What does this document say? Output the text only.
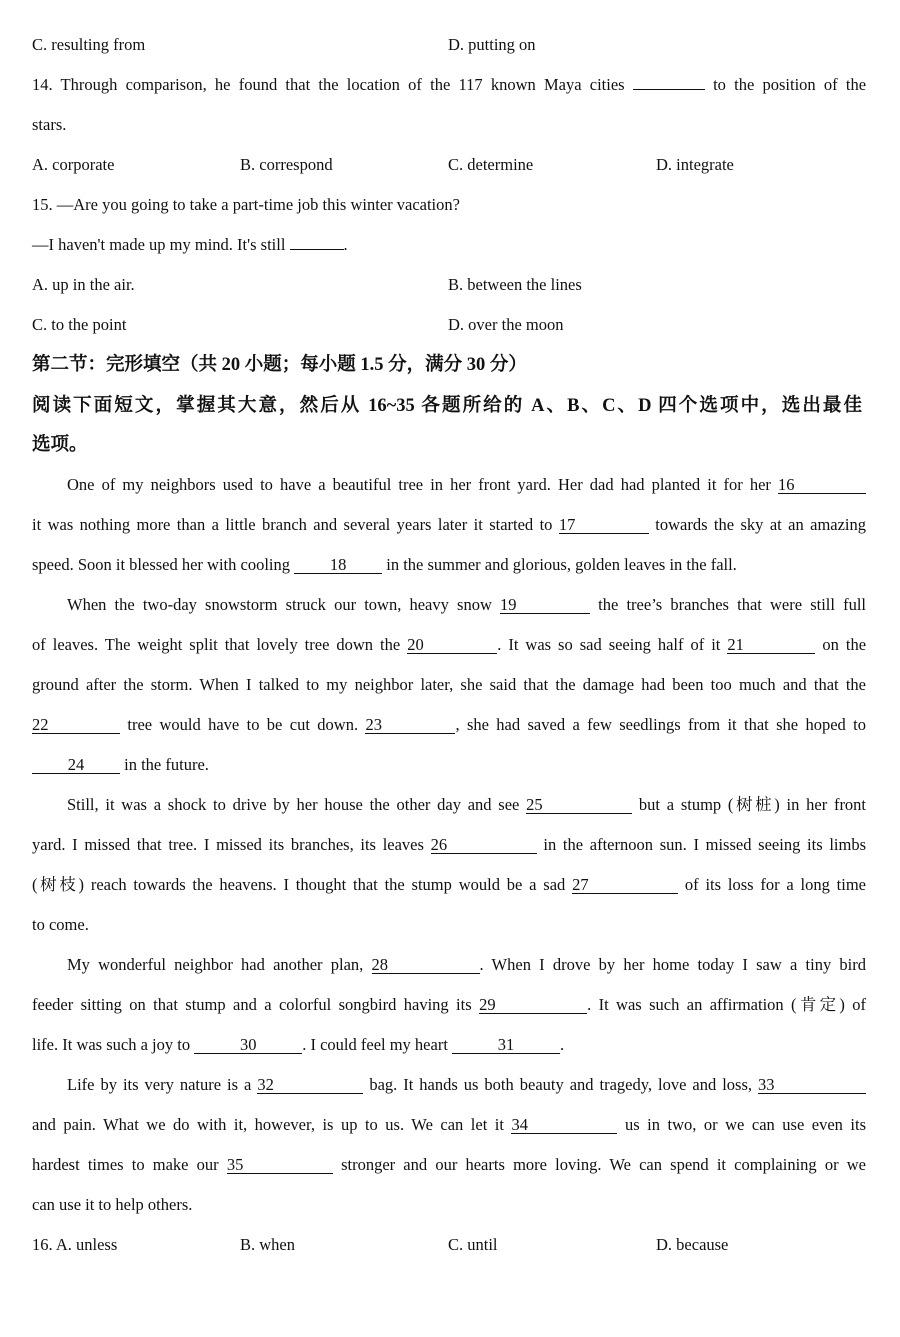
C. resulting from	D. putting on
14. Through comparison, he found that the location of the 117 known Maya cities	to the position of the
stars.
A. corporate	B. correspond	C. determine	D. integrate
15. —Are you going to take a part-time job this winter vacation?
—I haven't made up my mind. It's still	.
A. up in the air.	B. between the lines
C. to the point	D. over the moon
第二节：完形填空（共 20 小题；每小题 1.5 分，满分 30 分）
阅读下面短文，掌握其大意，然后从 16~35 各题所给的 A、B、C、D 四个选项中，选出最佳
选项。
One of my neighbors used to have a beautiful tree in her front yard. Her dad had planted it for her 16
it was nothing more than a little branch and several years later it started to 17	towards the sky at an amazing
speed. Soon it blessed her with cooling 18 in the summer and glorious, golden leaves in the fall.
When the two-day snowstorm struck our town, heavy snow 19	the tree’s branches that were still full
of leaves. The weight split that lovely tree down the 20	. It was so sad seeing half of it 21	on the
ground after the storm. When I talked to my neighbor later, she said that the damage had been too much and that the
22	tree would have to be cut down. 23	, she had saved a few seedlings from it that she hoped to
24 in the future.
Still, it was a shock to drive by her house the other day and see 25	but a stump (树桩) in her front
yard. I missed that tree. I missed its branches, its leaves 26	in the afternoon sun. I missed seeing its limbs
(树枝) reach towards the heavens. I thought that the stump would be a sad 27	of its loss for a long time
to come.
My wonderful neighbor had another plan, 28	. When I drove by her home today I saw a tiny bird
feeder sitting on that stump and a colorful songbird having its 29	. It was such an affirmation (肯定) of
life. It was such a joy to	30	. I could feel my heart	31	.
Life by its very nature is a 32	bag. It hands us both beauty and tragedy, love and loss, 33
and pain. What we do with it, however, is up to us. We can let it 34	us in two, or we can use even its
hardest times to make our 35	stronger and our hearts more loving. We can spend it complaining or we
can use it to help others.
16. A. unless	B. when	C. until	D. because
